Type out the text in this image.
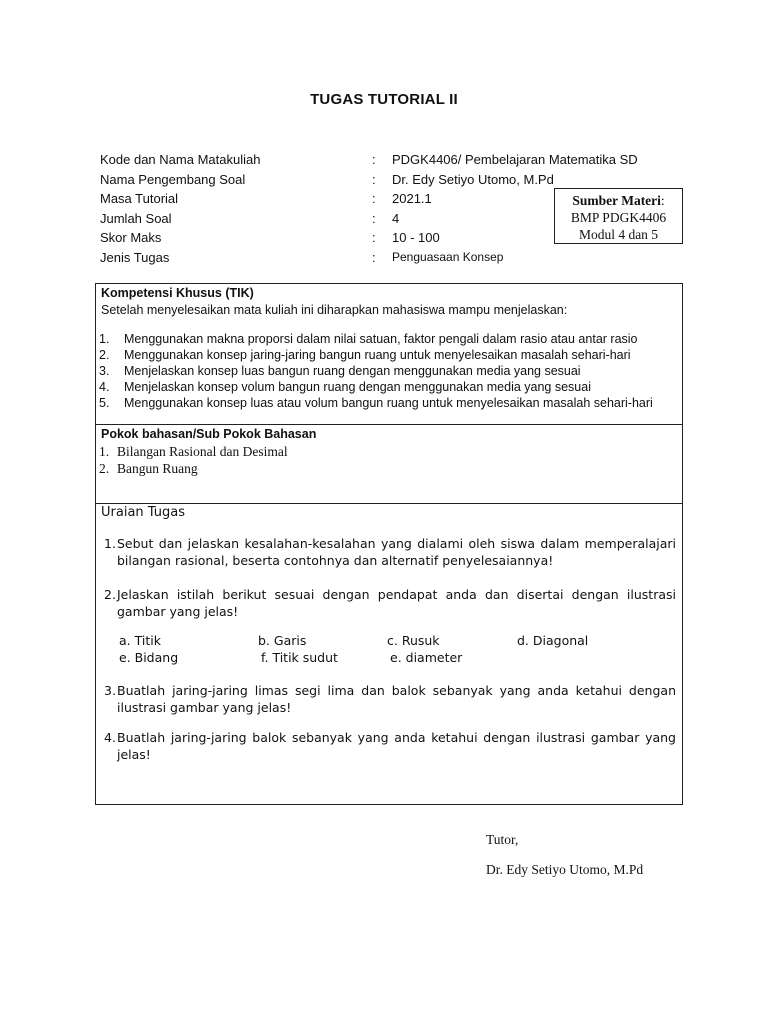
TUGAS TUTORIAL II
Kode dan Nama Matakuliah	: PDGK4406/ Pembelajaran Matematika SD
Nama Pengembang Soal	: Dr. Edy Setiyo Utomo, M.Pd
Masa Tutorial	: 2021.1
Jumlah Soal	: 4
Skor Maks	: 10 - 100
Jenis Tugas	: Penguasaan Konsep
Sumber Materi:
BMP PDGK4406
Modul 4 dan 5
Kompetensi Khusus (TIK)
Setelah menyelesaikan mata kuliah ini diharapkan mahasiswa mampu menjelaskan:
1. Menggunakan makna proporsi dalam nilai satuan, faktor pengali dalam rasio atau antar rasio
2. Menggunakan konsep jaring-jaring bangun ruang untuk menyelesaikan masalah sehari-hari
3. Menjelaskan konsep luas bangun ruang dengan menggunakan media yang sesuai
4. Menjelaskan konsep volum bangun ruang dengan menggunakan media yang sesuai
5. Menggunakan konsep luas atau volum bangun ruang untuk menyelesaikan masalah sehari-hari
Pokok bahasan/Sub Pokok Bahasan
1. Bilangan Rasional dan Desimal
2. Bangun Ruang
Uraian Tugas
1. Sebut dan jelaskan kesalahan-kesalahan yang dialami oleh siswa dalam memperalajari bilangan rasional, beserta contohnya dan alternatif penyelesaiannya!
2. Jelaskan istilah berikut sesuai dengan pendapat anda dan disertai dengan ilustrasi gambar yang jelas!
a. Titik	b. Garis	c. Rusuk	d. Diagonal
e. Bidang	f. Titik sudut	e. diameter
3. Buatlah jaring-jaring limas segi lima dan balok sebanyak yang anda ketahui dengan ilustrasi gambar yang jelas!
4. Buatlah jaring-jaring balok sebanyak yang anda ketahui dengan ilustrasi gambar yang jelas!
Tutor,
Dr. Edy Setiyo Utomo, M.Pd
